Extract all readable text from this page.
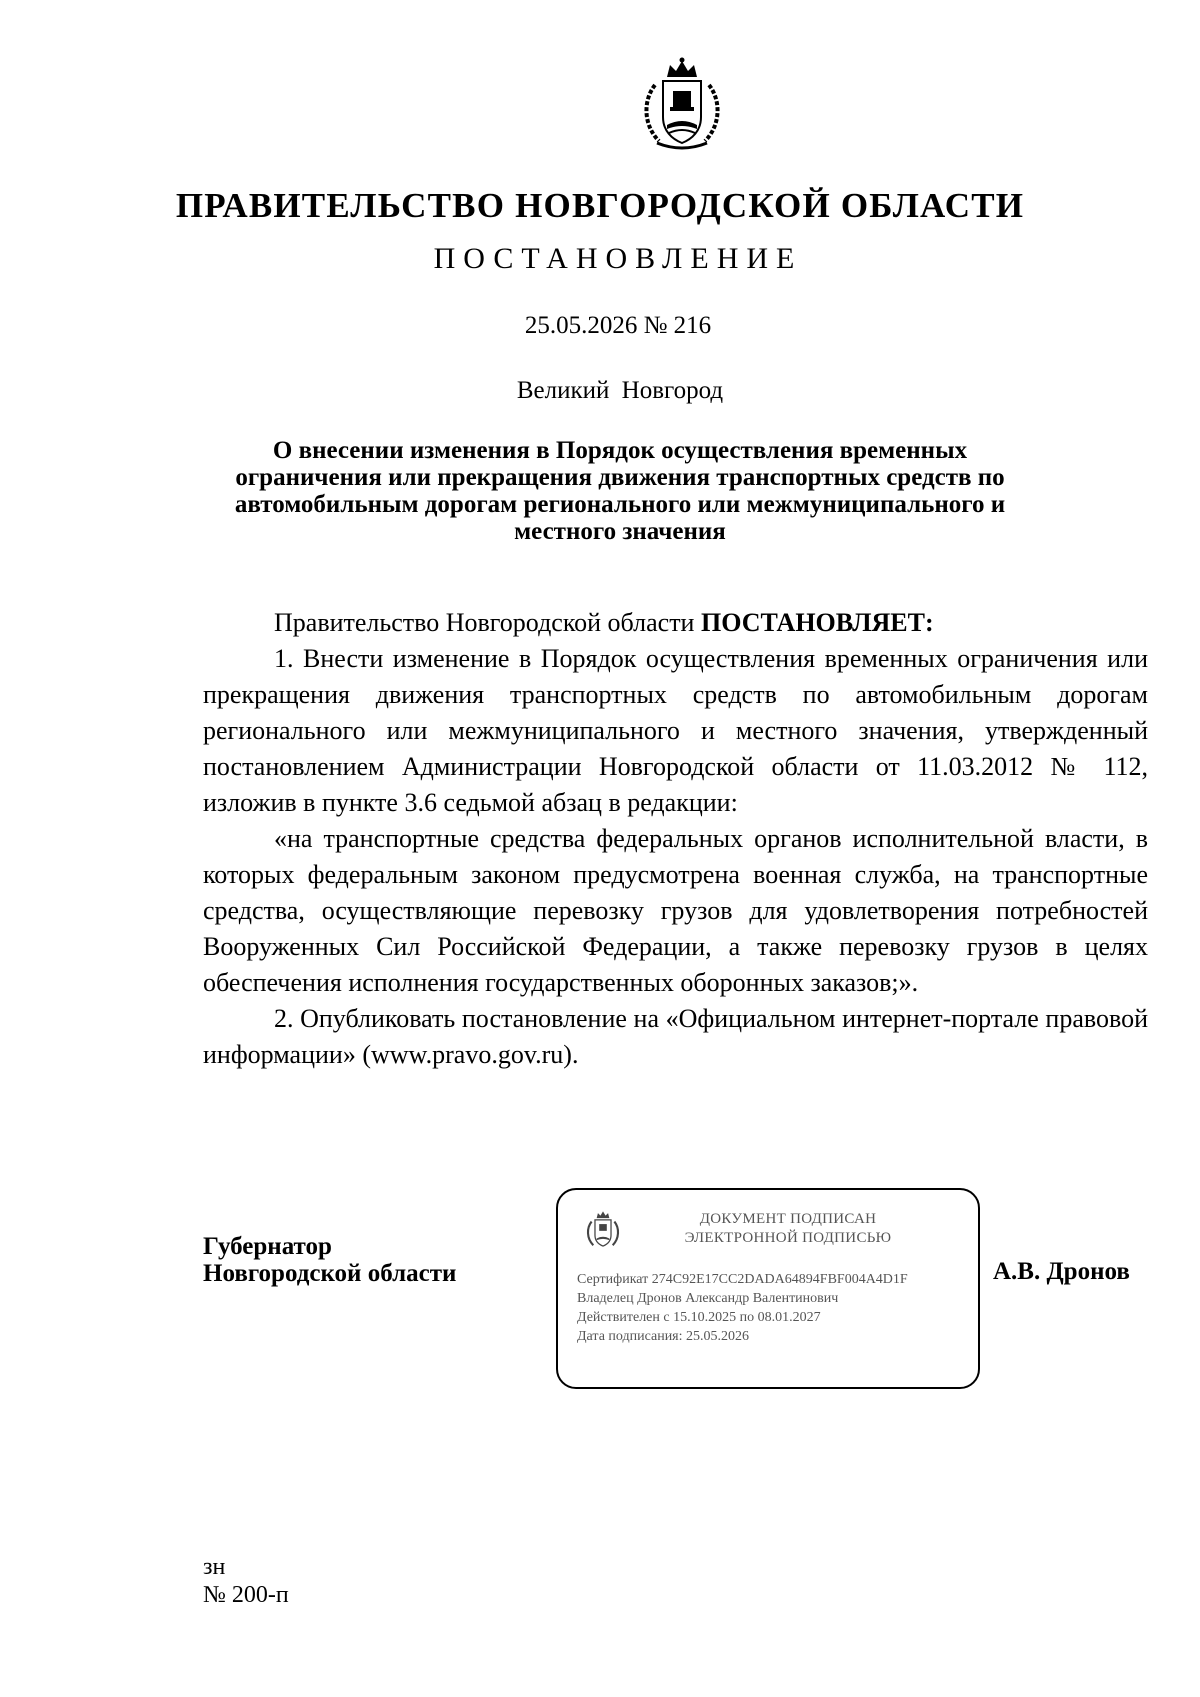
ПРАВИТЕЛЬСТВО НОВГОРОДСКОЙ ОБЛАСТИ
ПОСТАНОВЛЕНИЕ
25.05.2026 № 216
Великий Новгород
О внесении изменения в Порядок осуществления временных ограничения или прекращения движения транспортных средств по автомобильным дорогам регионального или межмуниципального и местного значения

Правительство Новгородской области ПОСТАНОВЛЯЕТ:

1. Внести изменение в Порядок осуществления временных ограничения или прекращения движения транспортных средств по автомобильным дорогам регионального или межмуниципального и местного значения, утвержденный постановлением Администрации Новгородской области от 11.03.2012 № 112, изложив в пункте 3.6 седьмой абзац в редакции:

«на транспортные средства федеральных органов исполнительной власти, в которых федеральным законом предусмотрена военная служба, на транспортные средства, осуществляющие перевозку грузов для удовлетворения потребностей Вооруженных Сил Российской Федерации, а также перевозку грузов в целях обеспечения исполнения государственных оборонных заказов;».

2. Опубликовать постановление на «Официальном интернет-портале правовой информации» (www.pravo.gov.ru).

Губернатор
Новгородской области
ДОКУМЕНТ ПОДПИСАН
ЭЛЕКТРОННОЙ ПОДПИСЬЮ
Сертификат 274C92E17CC2DADA64894FBF004A4D1F
Владелец Дронов Александр Валентинович
Действителен с 15.10.2025 по 08.01.2027
Дата подписания: 25.05.2026
А.В. Дронов
зн
№ 200-п
